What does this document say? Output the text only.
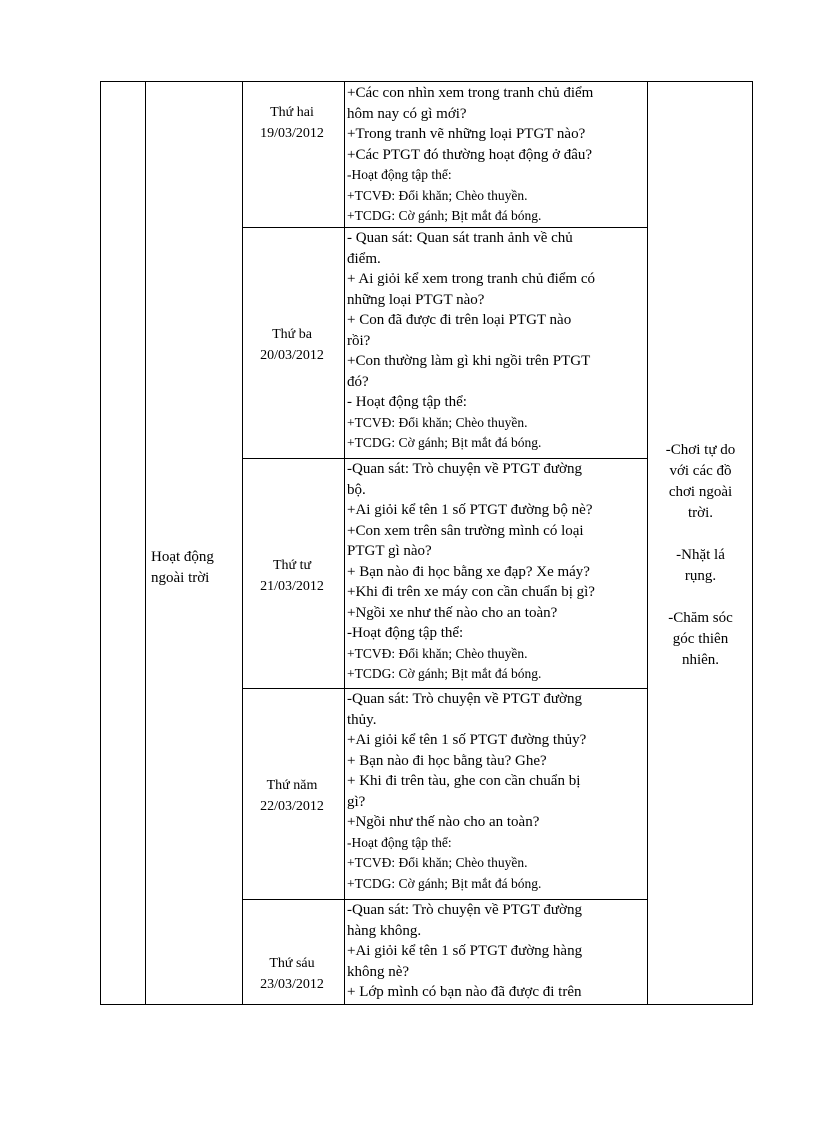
Hoạt động
ngoài trời
Thứ hai
19/03/2012
Thứ ba
20/03/2012
Thứ tư
21/03/2012
Thứ năm
22/03/2012
Thứ sáu
23/03/2012
+Các con nhìn xem trong tranh chủ điểm
hôm nay có gì mới?
+Trong tranh vẽ những loại PTGT nào?
+Các PTGT đó thường hoạt động ở đâu?
-Hoạt động tập thể:
+TCVĐ: Đổi khăn; Chèo thuyền.
+TCDG: Cờ gánh; Bịt mắt đá bóng.
- Quan sát: Quan sát tranh ảnh về chủ
điểm.
+ Ai giỏi kể xem trong tranh chủ điểm có
những loại PTGT nào?
+ Con đã được đi trên loại PTGT nào
rồi?
+Con thường làm gì khi ngồi trên PTGT
đó?
- Hoạt động tập thể:
+TCVĐ: Đổi khăn; Chèo thuyền.
+TCDG: Cờ gánh; Bịt mắt đá bóng.
-Quan sát: Trò chuyện về PTGT đường
bộ.
+Ai giỏi kể tên 1 số PTGT đường bộ nè?
+Con xem trên sân trường mình có loại
PTGT gì nào?
+ Bạn nào đi học bằng xe đạp? Xe máy?
+Khi đi trên xe máy con cần chuẩn bị gì?
+Ngồi xe như thế nào cho an toàn?
-Hoạt động tập thể:
+TCVĐ: Đổi khăn; Chèo thuyền.
+TCDG: Cờ gánh; Bịt mắt đá bóng.
-Quan sát: Trò chuyện về PTGT đường
thủy.
+Ai giỏi kể tên 1 số PTGT đường thủy?
+ Bạn nào đi học bằng tàu? Ghe?
+ Khi đi trên tàu, ghe con cần chuẩn bị
gì?
+Ngồi như thế nào cho an toàn?
-Hoạt động tập thể:
+TCVĐ: Đổi khăn; Chèo thuyền.
+TCDG: Cờ gánh; Bịt mắt đá bóng.
-Quan sát: Trò chuyện về PTGT đường
hàng không.
+Ai giỏi kể tên 1 số PTGT đường hàng
không nè?
+ Lớp mình có bạn nào đã được đi trên
-Chơi tự do
với các đồ
chơi ngoài
trời.
-Nhặt lá
rụng.
-Chăm sóc
góc thiên
nhiên.
